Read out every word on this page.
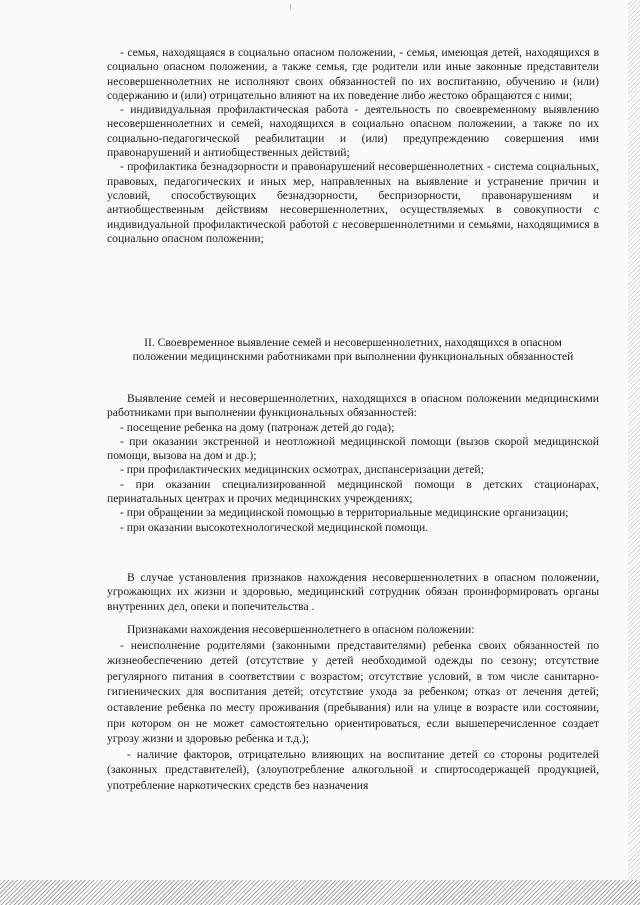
- семья, находящаяся в социально опасном положении, - семья, имеющая детей, находящихся в социально опасном положении, а также семья, где родители или иные законные представители несовершеннолетних не исполняют своих обязанностей по их воспитанию, обучению и (или) содержанию и (или) отрицательно влияют на их поведение либо жестоко обращаются с ними;

- индивидуальная профилактическая работа - деятельность по своевременному выявлению несовершеннолетних и семей, находящихся в социально опасном положении, а также по их социально-педагогической реабилитации и (или) предупреждению совершения ими правонарушений и антиобщественных действий;

- профилактика безнадзорности и правонарушений несовершеннолетних - система социальных, правовых, педагогических и иных мер, направленных на выявление и устранение причин и условий, способствующих безнадзорности, беспризорности, правонарушениям и антиобщественным действиям несовершеннолетних, осуществляемых в совокупности с индивидуальной профилактической работой с несовершеннолетними и семьями, находящимися в социально опасном положении;

II. Своевременное выявление семей и несовершеннолетних, находящихся в опасном

положении медицинскими работниками при выполнении функциональных обязанностей

Выявление семей и несовершеннолетних, находящихся в опасном положении медицинскими работниками при выполнении функциональных обязанностей:

- посещение ребенка на дому (патронаж детей до года);

- при оказании экстренной и неотложной медицинской помощи (вызов скорой медицинской помощи, вызова на дом и др.);

- при профилактических медицинских осмотрах, диспансеризации детей;

- при оказании специализированной медицинской помощи в детских стационарах, перинатальных центрах и прочих медицинских учреждениях;

- при обращении за медицинской помощью в территориальные медицинские организации;

- при оказании высокотехнологической медицинской помощи.

В случае установления признаков нахождения несовершеннолетних в опасном положении, угрожающих их жизни и здоровью, медицинский сотрудник обязан проинформировать органы внутренних дел, опеки и попечительства .

Признаками нахождения несовершеннолетнего в опасном положении:

- неисполнение родителями (законными представителями) ребенка своих обязанностей по жизнеобеспечению детей (отсутствие у детей необходимой одежды по сезону; отсутствие регулярного питания в соответствии с возрастом; отсутствие условий, в том числе санитарно-гигиенических для воспитания детей; отсутствие ухода за ребенком; отказ от лечения детей; оставление ребенка по месту проживания (пребывания) или на улице в возрасте или состоянии, при котором он не может самостоятельно ориентироваться, если вышеперечисленное создает угрозу жизни и здоровью ребенка и т.д.);

- наличие факторов, отрицательно влияющих на воспитание детей со стороны родителей (законных представителей), (злоупотребление алкогольной и спиртосодержащей продукцией, употребление наркотических средств без назначения
